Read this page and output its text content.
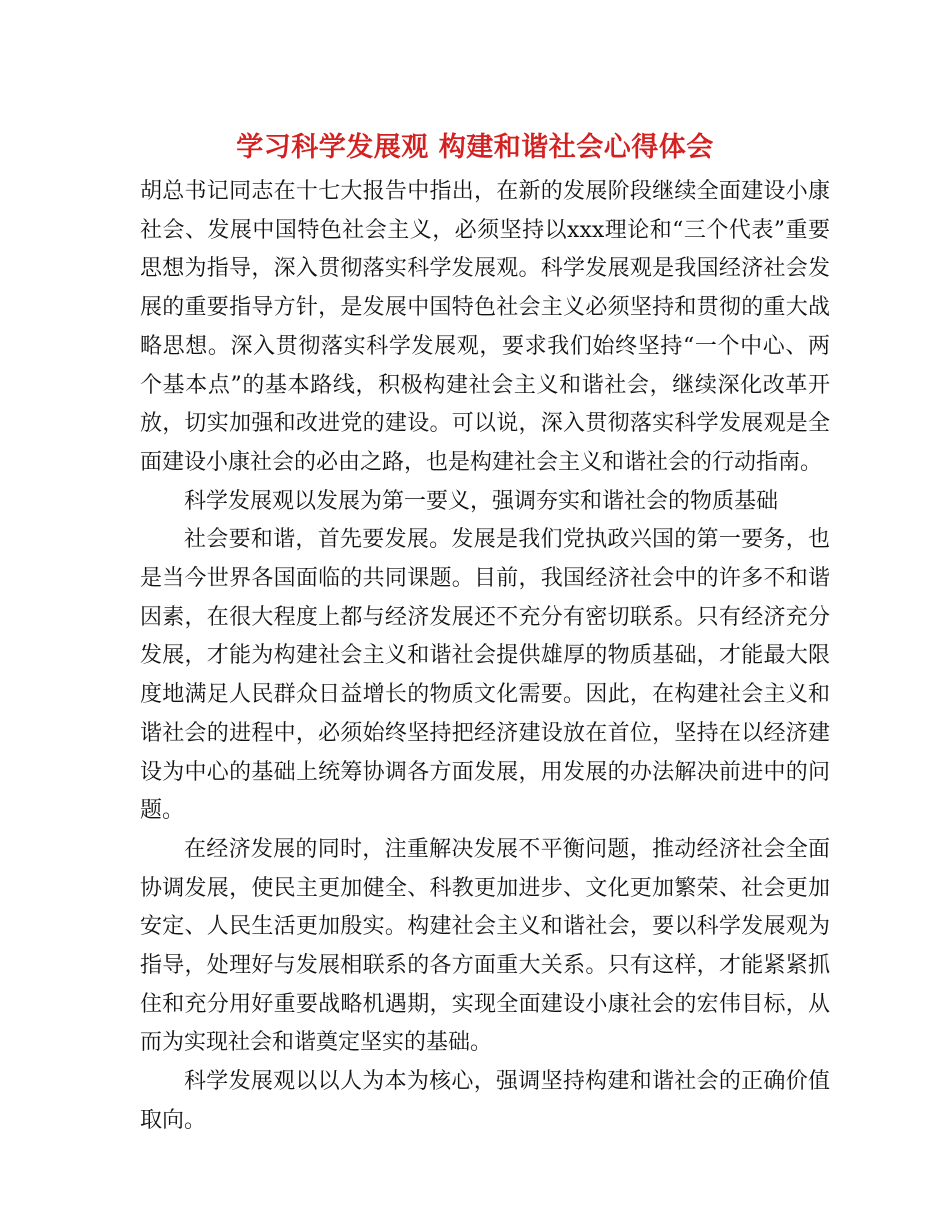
学习科学发展观 构建和谐社会心得体会

胡总书记同志在十七大报告中指出，在新的发展阶段继续全面建设小康社会、发展中国特色社会主义，必须坚持以xxx理论和“三个代表”重要思想为指导，深入贯彻落实科学发展观。科学发展观是我国经济社会发展的重要指导方针，是发展中国特色社会主义必须坚持和贯彻的重大战略思想。深入贯彻落实科学发展观，要求我们始终坚持“一个中心、两个基本点”的基本路线，积极构建社会主义和谐社会，继续深化改革开放，切实加强和改进党的建设。可以说，深入贯彻落实科学发展观是全面建设小康社会的必由之路，也是构建社会主义和谐社会的行动指南。

科学发展观以发展为第一要义，强调夯实和谐社会的物质基础

社会要和谐，首先要发展。发展是我们党执政兴国的第一要务，也是当今世界各国面临的共同课题。目前，我国经济社会中的许多不和谐因素，在很大程度上都与经济发展还不充分有密切联系。只有经济充分发展，才能为构建社会主义和谐社会提供雄厚的物质基础，才能最大限度地满足人民群众日益增长的物质文化需要。因此，在构建社会主义和谐社会的进程中，必须始终坚持把经济建设放在首位，坚持在以经济建设为中心的基础上统筹协调各方面发展，用发展的办法解决前进中的问题。

在经济发展的同时，注重解决发展不平衡问题，推动经济社会全面协调发展，使民主更加健全、科教更加进步、文化更加繁荣、社会更加安定、人民生活更加殷实。构建社会主义和谐社会，要以科学发展观为指导，处理好与发展相联系的各方面重大关系。只有这样，才能紧紧抓住和充分用好重要战略机遇期，实现全面建设小康社会的宏伟目标，从而为实现社会和谐奠定坚实的基础。

科学发展观以以人为本为核心，强调坚持构建和谐社会的正确价值取向。
